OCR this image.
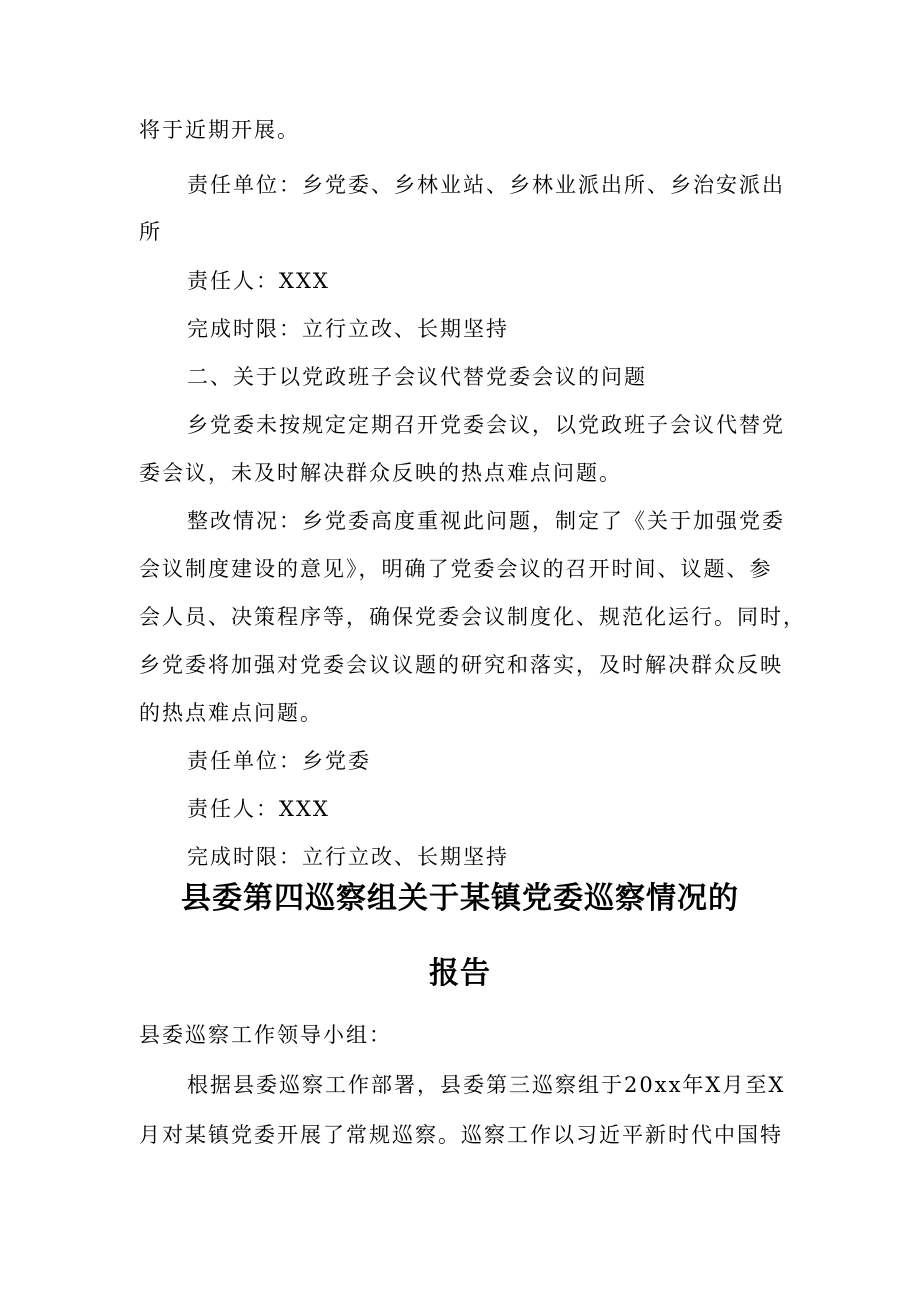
将于近期开展。
责任单位：乡党委、乡林业站、乡林业派出所、乡治安派出
所
责任人：XXX
完成时限：立行立改、长期坚持
二、关于以党政班子会议代替党委会议的问题
乡党委未按规定定期召开党委会议，以党政班子会议代替党
委会议，未及时解决群众反映的热点难点问题。
整改情况：乡党委高度重视此问题，制定了《关于加强党委
会议制度建设的意见》，明确了党委会议的召开时间、议题、参
会人员、决策程序等，确保党委会议制度化、规范化运行。同时，
乡党委将加强对党委会议议题的研究和落实，及时解决群众反映
的热点难点问题。
责任单位：乡党委
责任人：XXX
完成时限：立行立改、长期坚持
县委第四巡察组关于某镇党委巡察情况的
报告
县委巡察工作领导小组：
根据县委巡察工作部署，县委第三巡察组于20xx年X月至X
月对某镇党委开展了常规巡察。巡察工作以习近平新时代中国特
